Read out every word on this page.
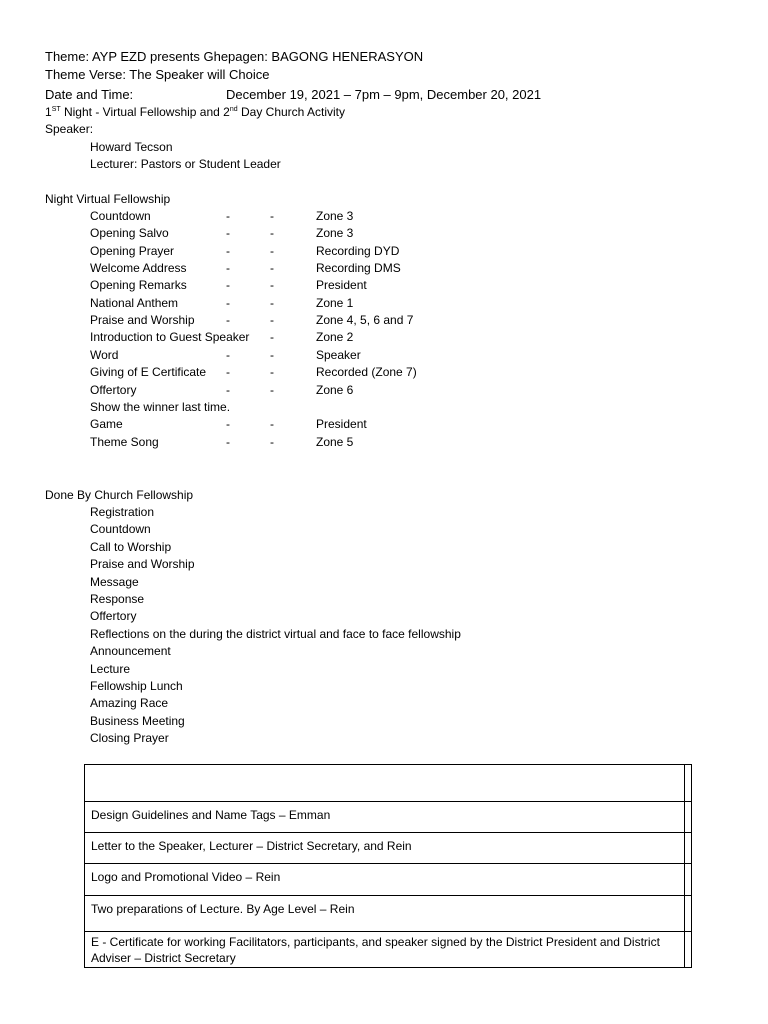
Theme: AYP EZD presents Ghepagen: BAGONG HENERASYON
Theme Verse: The Speaker will Choice
Date and Time:	December 19, 2021 – 7pm – 9pm, December 20, 2021
1ST Night - Virtual Fellowship and 2nd Day Church Activity
Speaker:
Howard Tecson
Lecturer: Pastors or Student Leader
Night Virtual Fellowship
Countdown	-	-	Zone 3
Opening Salvo	-	-	Zone 3
Opening Prayer	-	-	Recording DYD
Welcome Address	-	-	Recording DMS
Opening Remarks	-	-	President
National Anthem	-	-	Zone 1
Praise and Worship	-	-	Zone 4, 5, 6 and 7
Introduction to Guest Speaker -	Zone 2
Word	-	-	Speaker
Giving of E Certificate -	-	Recorded (Zone 7)
Offertory	-	-	Zone 6
Show the winner last time.
Game	-	-	President
Theme Song	-	-	Zone 5
Done By Church Fellowship
Registration
Countdown
Call to Worship
Praise and Worship
Message
Response
Offertory
Reflections on the during the district virtual and face to face fellowship
Announcement
Lecture
Fellowship Lunch
Amazing Race
Business Meeting
Closing Prayer

Design Guidelines and Name Tags – Emman	
Letter to the Speaker, Lecturer – District Secretary, and Rein	
Logo and Promotional Video – Rein	
Two preparations of Lecture. By Age Level – Rein	
E - Certificate for working Facilitators, participants, and speaker signed by the District President and District Adviser – District Secretary	
